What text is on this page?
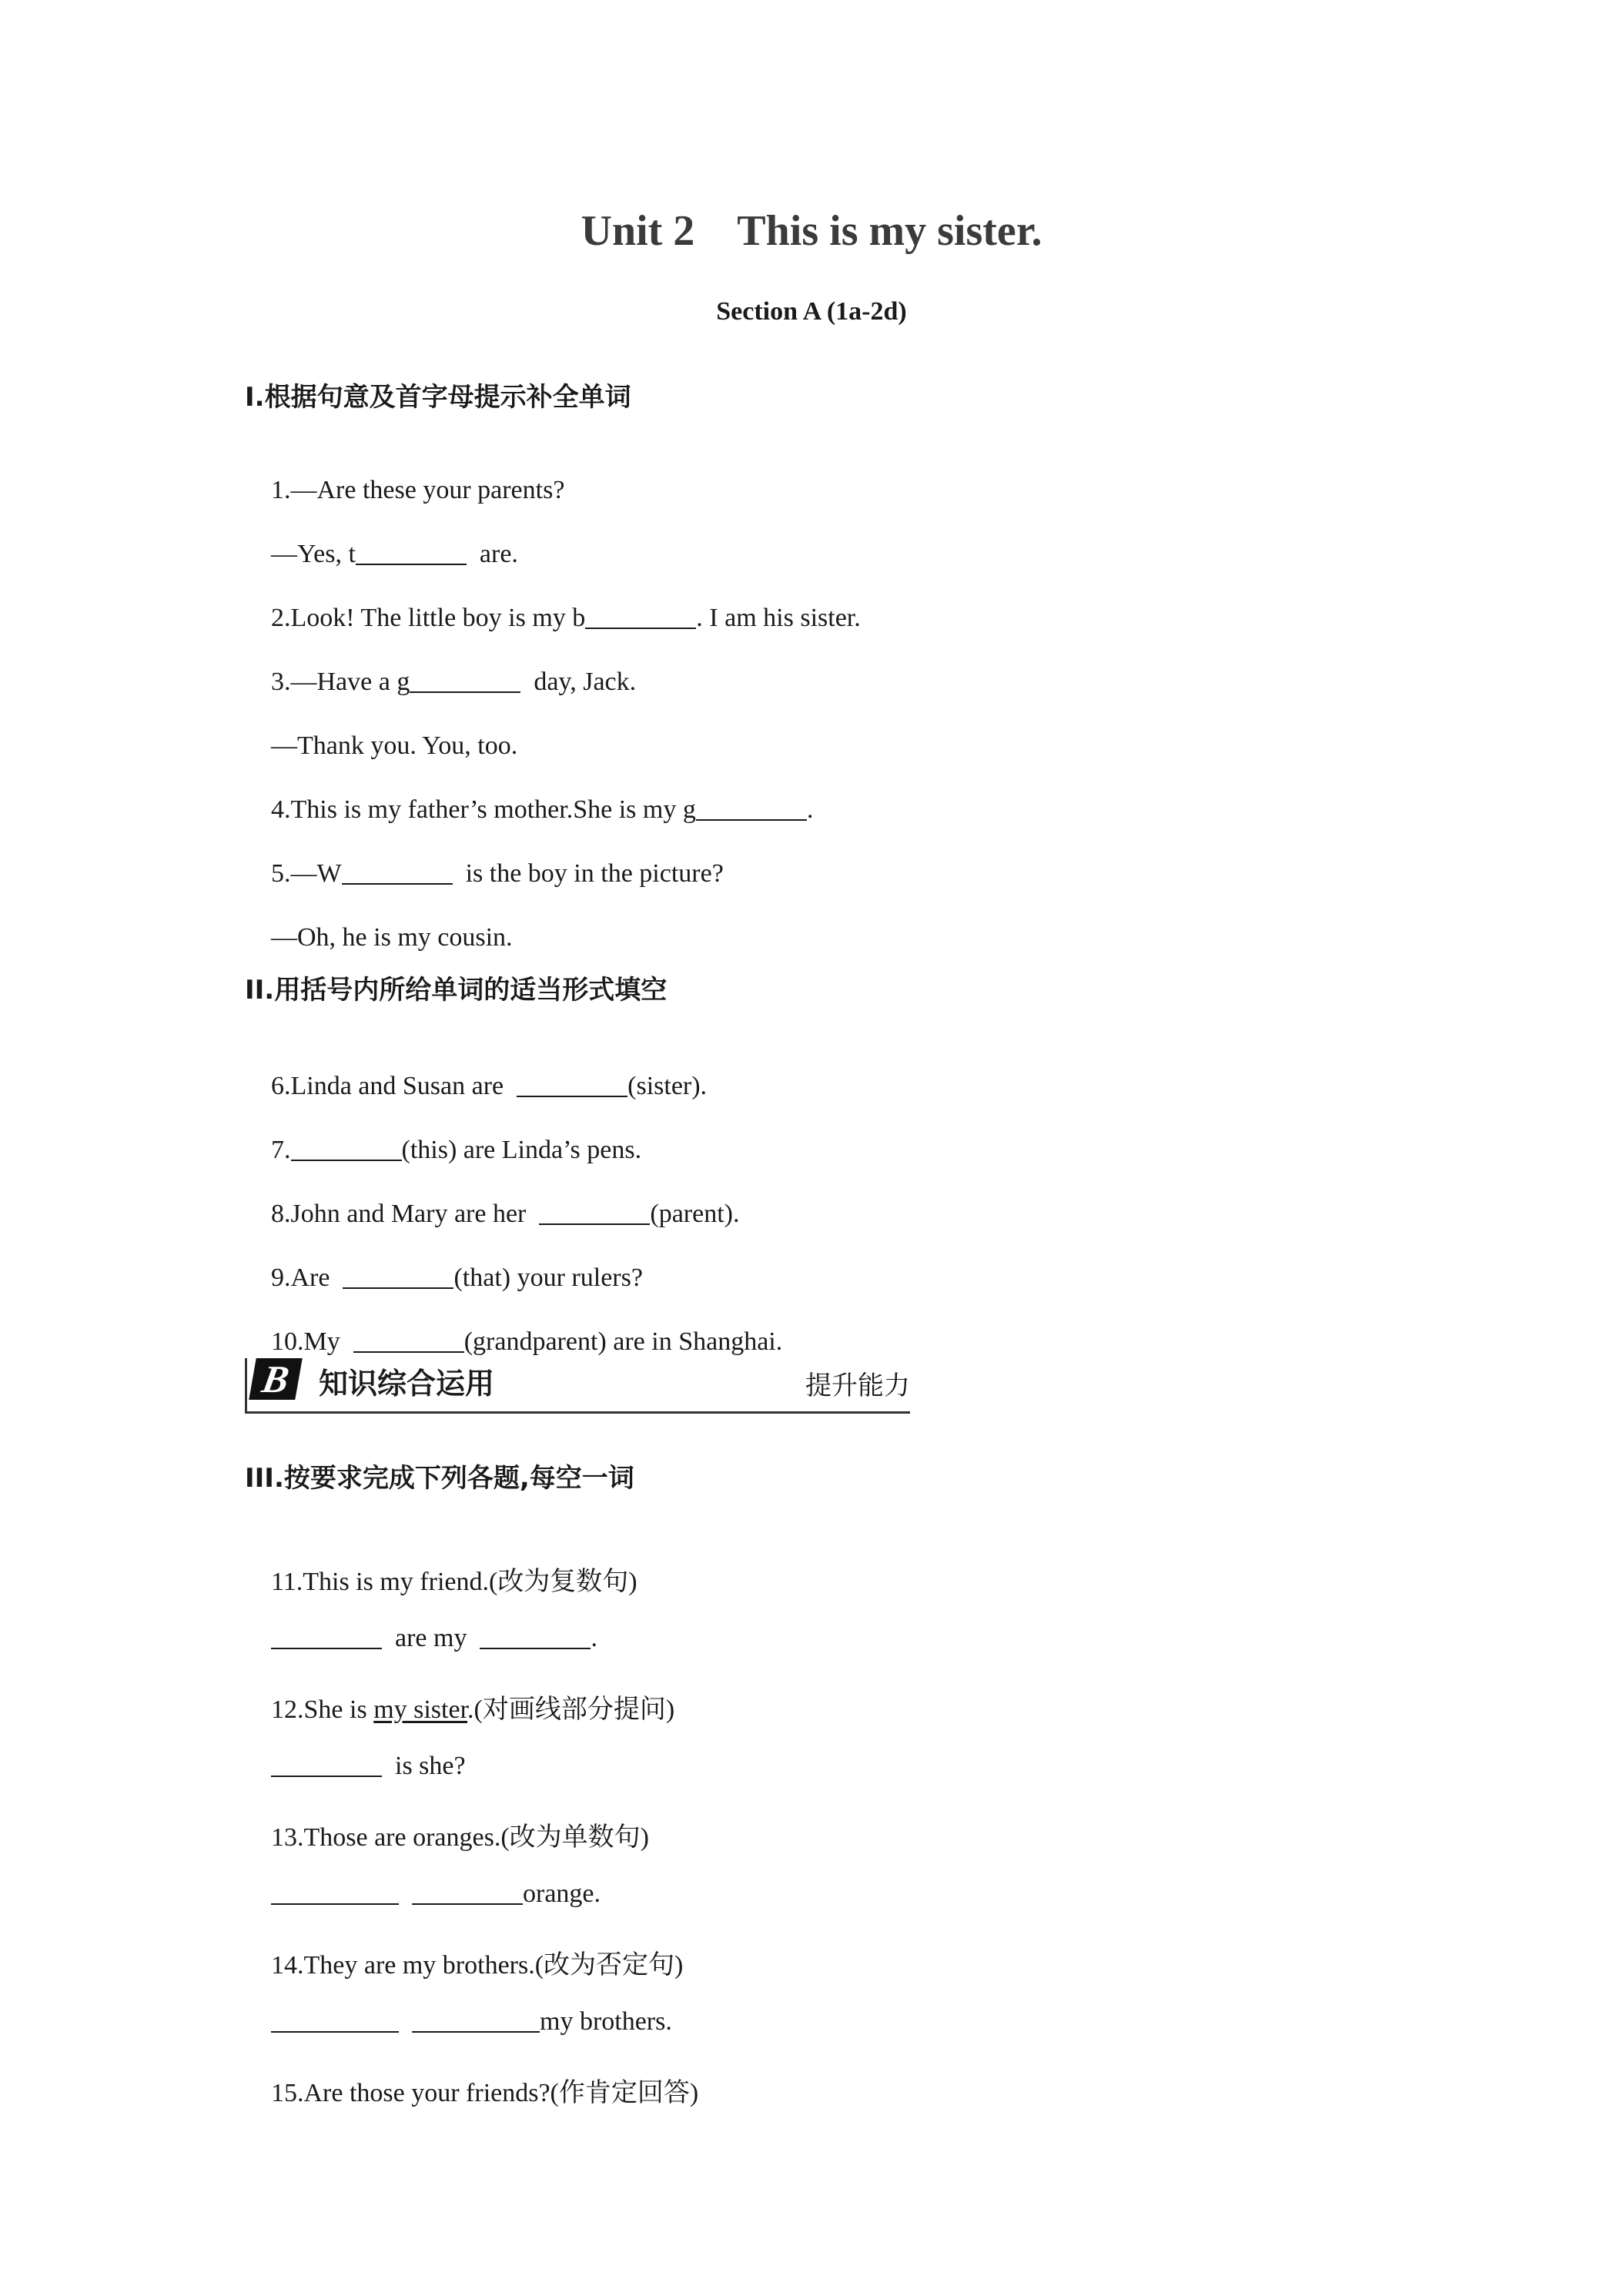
Unit 2    This is my sister.
Section A (1a-2d)
I.根据句意及首字母提示补全单词

1.—Are these your parents?

—Yes, t	are.

2.Look! The little boy is my b	. I am his sister.

3.—Have a g	day, Jack.

—Thank you. You, too.

4.This is my father’s mother.She is my g	.

5.—W	is the boy in the picture?

—Oh, he is my cousin.

II.用括号内所给单词的适当形式填空

6.Linda and Susan are	(sister).

7.	(this) are Linda’s pens.

8.John and Mary are her	(parent).

9.Are	(that) your rulers?

10.My	(grandparent) are in Shanghai.

B 知识综合运用	提升能力
III.按要求完成下列各题,每空一词

11.This is my friend.(改为复数句)

are my	.

12.She is my sister.(对画线部分提问)

is she?

13.Those are oranges.(改为单数句)

orange.

14.They are my brothers.(改为否定句)

my brothers.

15.Are those your friends?(作肯定回答)
